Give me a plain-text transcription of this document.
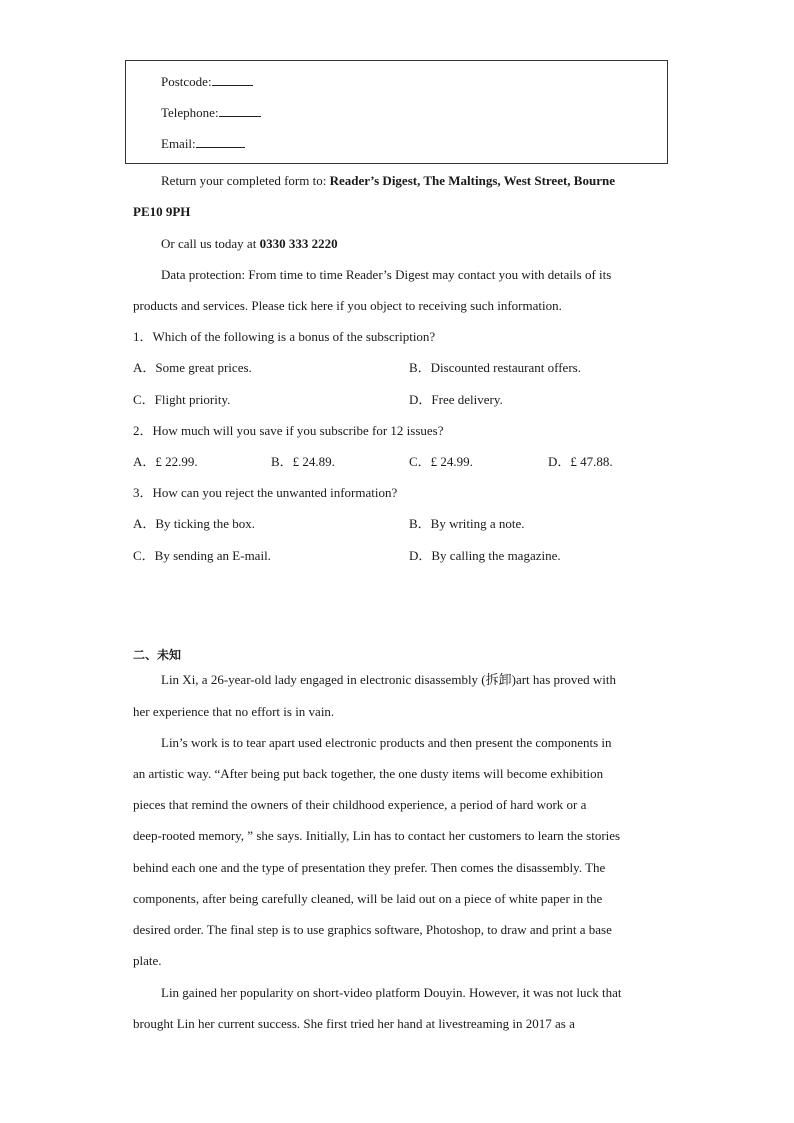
Postcode:
Telephone:
Email:
Return your completed form to: Reader’s Digest, The Maltings, West Street, Bourne
PE10 9PH
Or call us today at 0330 333 2220
Data protection: From time to time Reader’s Digest may contact you with details of its
products and services. Please tick here if you object to receiving such information.
1．Which of the following is a bonus of the subscription?
A．Some great prices.	B．Discounted restaurant offers.
C．Flight priority.	D．Free delivery.
2．How much will you save if you subscribe for 12 issues?
A．£ 22.99.	B．£ 24.89.	C．£ 24.99.	D．£ 47.88.
3．How can you reject the unwanted information?
A．By ticking the box.	B．By writing a note.
C．By sending an E-mail.	D．By calling the magazine.
二、未知
Lin Xi, a 26-year-old lady engaged in electronic disassembly (拆卸)art has proved with
her experience that no effort is in vain.
Lin’s work is to tear apart used electronic products and then present the components in
an artistic way. “After being put back together, the one dusty items will become exhibition
pieces that remind the owners of their childhood experience, a period of hard work or a
deep-rooted memory, ” she says. Initially, Lin has to contact her customers to learn the stories
behind each one and the type of presentation they prefer. Then comes the disassembly. The
components, after being carefully cleaned, will be laid out on a piece of white paper in the
desired order. The final step is to use graphics software, Photoshop, to draw and print a base
plate.
Lin gained her popularity on short-video platform Douyin. However, it was not luck that
brought Lin her current success. She first tried her hand at livestreaming in 2017 as a
